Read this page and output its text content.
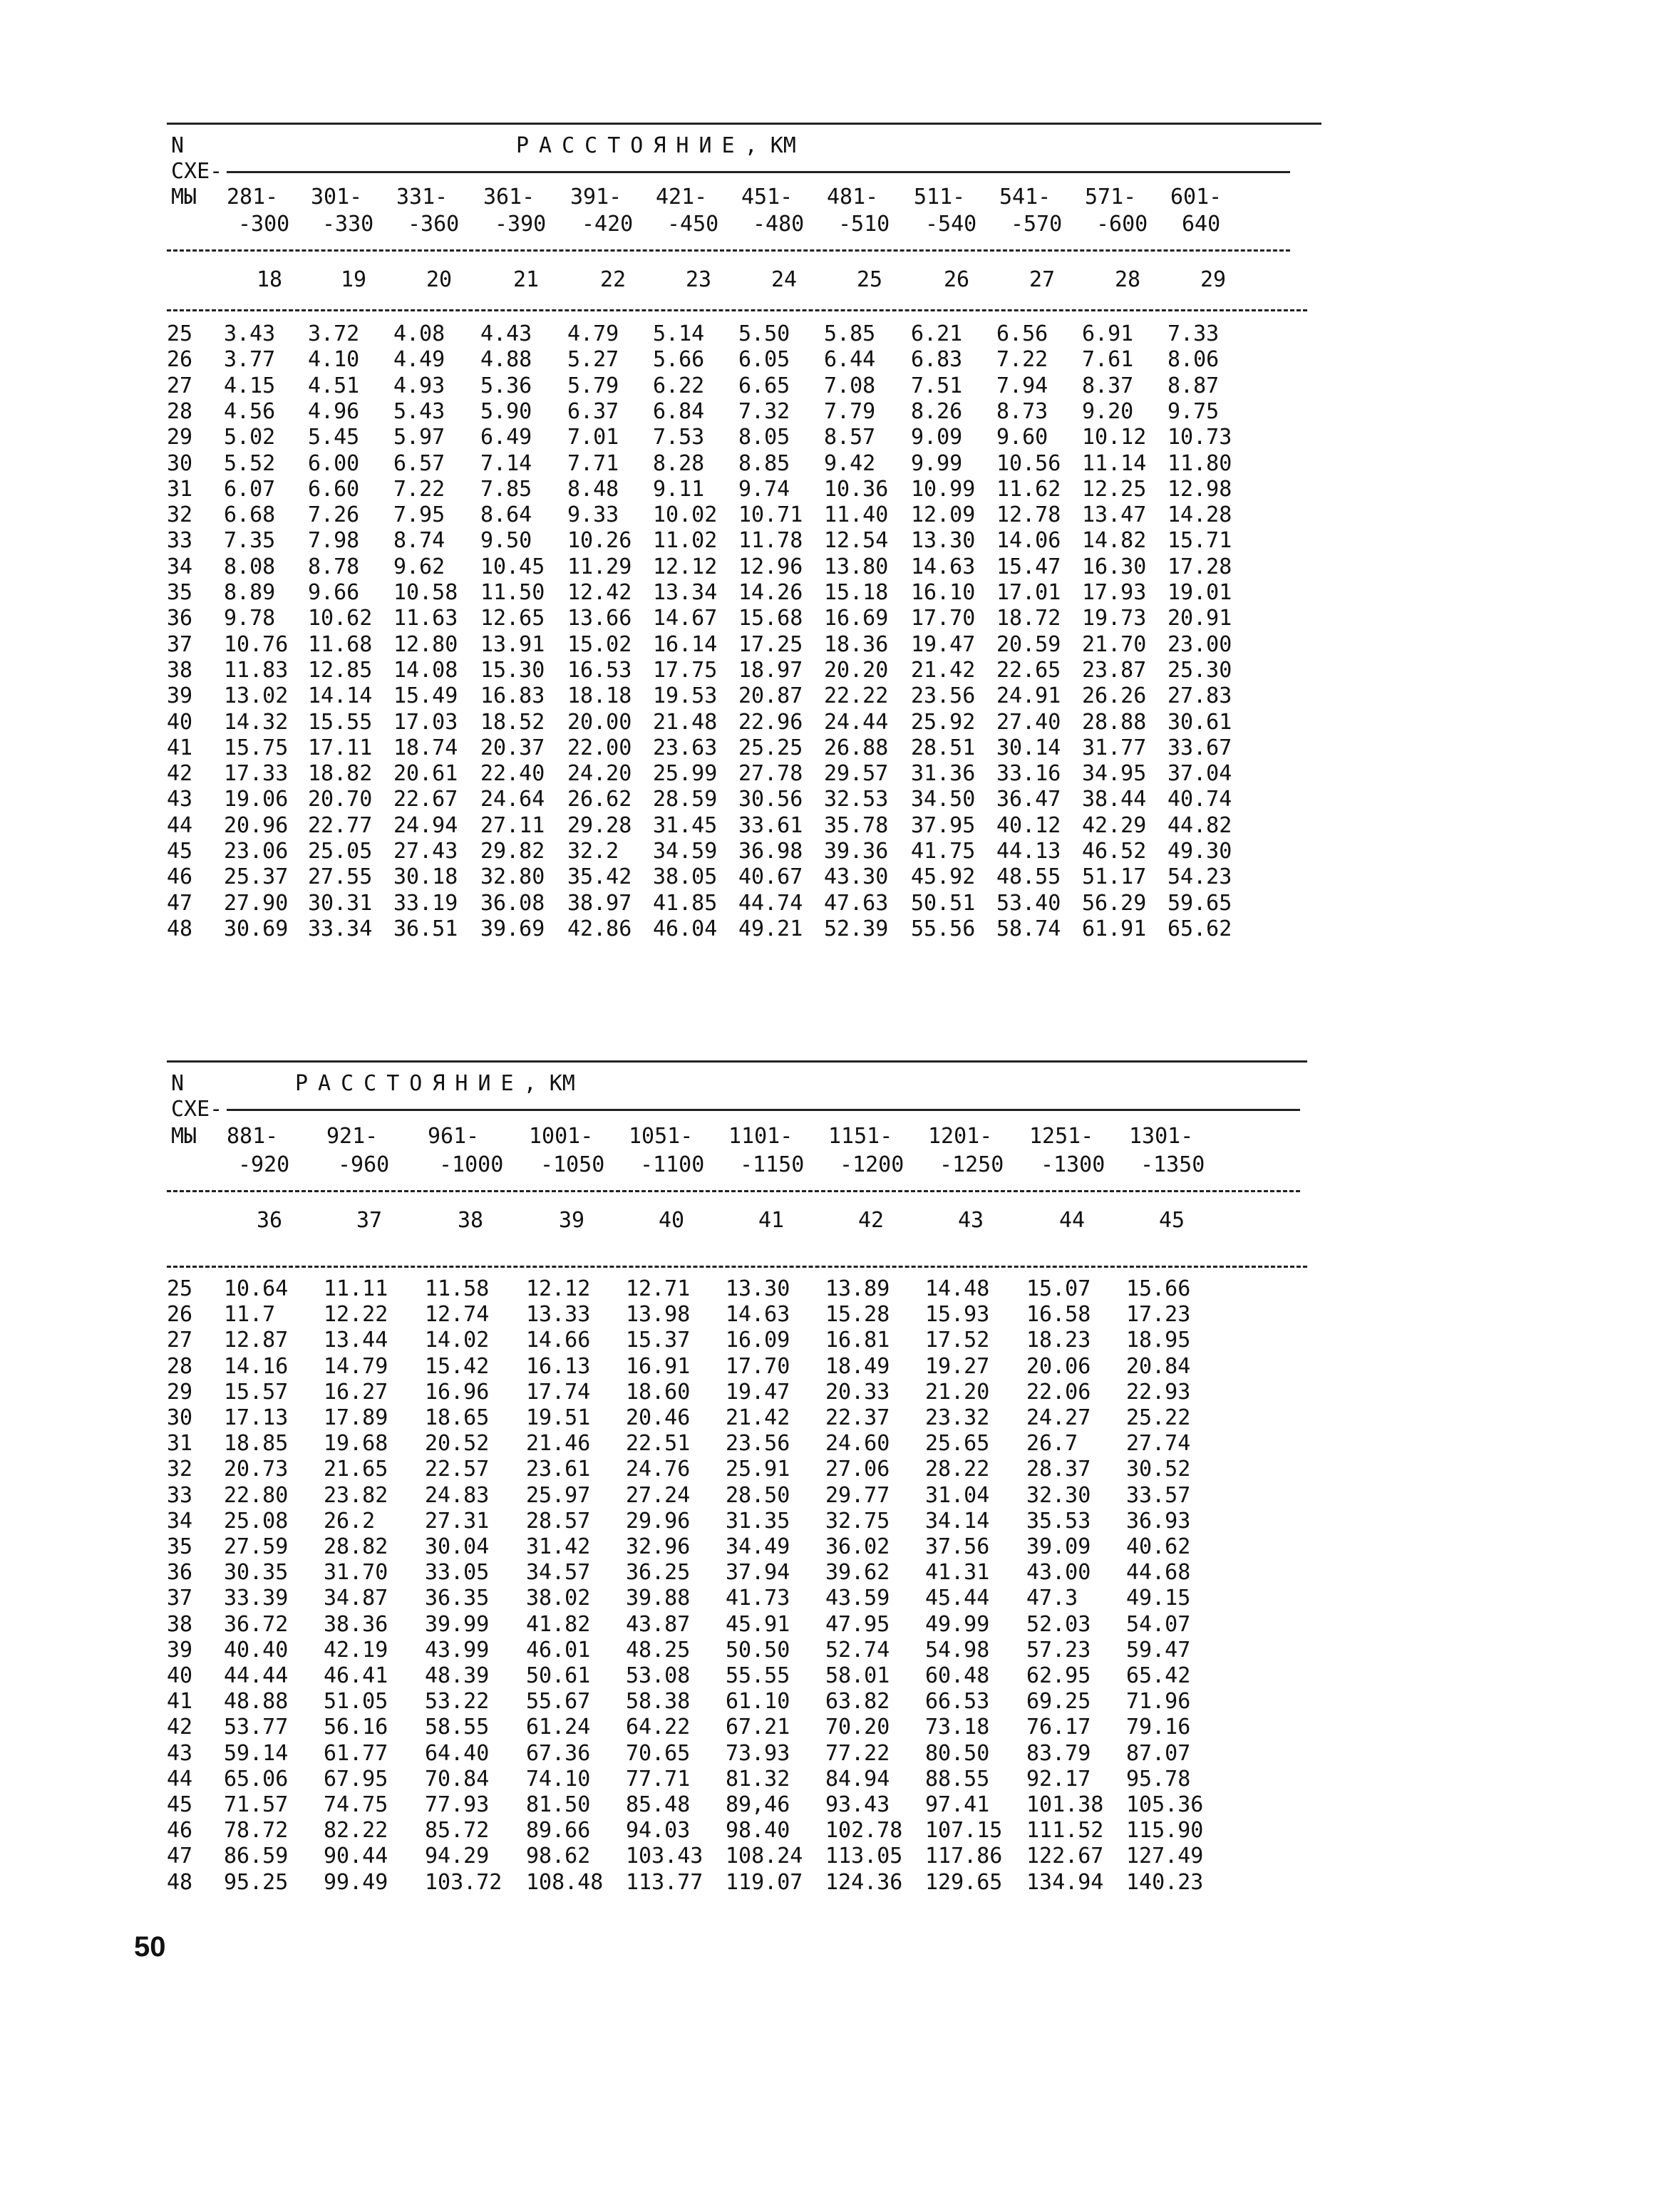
N	РАССТОЯНИЕ, КМ
СХЕ-
МЫ 281-
-300
301-
-330
331-
-360
361-
-390
391-
-420
421-
-450
451-
-480
481-
-510
511-
-540
541-
-570
571-
-600
601-
640
18	19	20	21	22	23	24	25	26	27	28	29
25 3.43 3.72 4.08 4.43 4.79 5.14 5.50 5.85 6.21 6.56 6.91 7.33
26 3.77 4.10 4.49 4.88 5.27 5.66 6.05 6.44 6.83 7.22 7.61 8.06
27 4.15 4.51 4.93 5.36 5.79 6.22 6.65 7.08 7.51 7.94 8.37 8.87
28 4.56 4.96 5.43 5.90 6.37 6.84 7.32 7.79 8.26 8.73 9.20 9.75
29 5.02 5.45 5.97 6.49 7.01 7.53 8.05 8.57 9.09 9.60 10.12 10.73
30 5.52 6.00 6.57 7.14 7.71 8.28 8.85 9.42 9.99 10.56 11.14 11.80
31 6.07 6.60 7.22 7.85 8.48 9.11 9.74 10.36 10.99 11.62 12.25 12.98
32 6.68 7.26 7.95 8.64 9.33 10.02 10.71 11.40 12.09 12.78 13.47 14.28
33 7.35 7.98 8.74 9.50 10.26 11.02 11.78 12.54 13.30 14.06 14.82 15.71
34 8.08 8.78 9.62 10.45 11.29 12.12 12.96 13.80 14.63 15.47 16.30 17.28
35 8.89 9.66 10.58 11.50 12.42 13.34 14.26 15.18 16.10 17.01 17.93 19.01
36 9.78 10.62 11.63 12.65 13.66 14.67 15.68 16.69 17.70 18.72 19.73 20.91
37 10.76 11.68 12.80 13.91 15.02 16.14 17.25 18.36 19.47 20.59 21.70 23.00
38 11.83 12.85 14.08 15.30 16.53 17.75 18.97 20.20 21.42 22.65 23.87 25.30
39 13.02 14.14 15.49 16.83 18.18 19.53 20.87 22.22 23.56 24.91 26.26 27.83
40 14.32 15.55 17.03 18.52 20.00 21.48 22.96 24.44 25.92 27.40 28.88 30.61
41 15.75 17.11 18.74 20.37 22.00 23.63 25.25 26.88 28.51 30.14 31.77 33.67
42 17.33 18.82 20.61 22.40 24.20 25.99 27.78 29.57 31.36 33.16 34.95 37.04
43 19.06 20.70 22.67 24.64 26.62 28.59 30.56 32.53 34.50 36.47 38.44 40.74
44 20.96 22.77 24.94 27.11 29.28 31.45 33.61 35.78 37.95 40.12 42.29 44.82
45 23.06 25.05 27.43 29.82 32.2 34.59 36.98 39.36 41.75 44.13 46.52 49.30
46 25.37 27.55 30.18 32.80 35.42 38.05 40.67 43.30 45.92 48.55 51.17 54.23
47 27.90 30.31 33.19 36.08 38.97 41.85 44.74 47.63 50.51 53.40 56.29 59.65
48 30.69 33.34 36.51 39.69 42.86 46.04 49.21 52.39 55.56 58.74 61.91 65.62
N	РАССТОЯНИЕ, КМ
СХЕ-
МЫ 881-
-920
921-
-960
961-
-1000
1001-
-1050
1051-
-1100
1101-
-1150
1151-
-1200
1201-
-1250
1251-
-1300
1301-
-1350
36	37	38	39	40	41	42	43	44	45
25 10.64 11.11 11.58 12.12 12.71 13.30 13.89 14.48 15.07 15.66
26 11.7 12.22 12.74 13.33 13.98 14.63 15.28 15.93 16.58 17.23
27 12.87 13.44 14.02 14.66 15.37 16.09 16.81 17.52 18.23 18.95
28 14.16 14.79 15.42 16.13 16.91 17.70 18.49 19.27 20.06 20.84
29 15.57 16.27 16.96 17.74 18.60 19.47 20.33 21.20 22.06 22.93
30 17.13 17.89 18.65 19.51 20.46 21.42 22.37 23.32 24.27 25.22
31 18.85 19.68 20.52 21.46 22.51 23.56 24.60 25.65 26.7 27.74
32 20.73 21.65 22.57 23.61 24.76 25.91 27.06 28.22 28.37 30.52
33 22.80 23.82 24.83 25.97 27.24 28.50 29.77 31.04 32.30 33.57
34 25.08 26.2 27.31 28.57 29.96 31.35 32.75 34.14 35.53 36.93
35 27.59 28.82 30.04 31.42 32.96 34.49 36.02 37.56 39.09 40.62
36 30.35 31.70 33.05 34.57 36.25 37.94 39.62 41.31 43.00 44.68
37 33.39 34.87 36.35 38.02 39.88 41.73 43.59 45.44 47.3 49.15
38 36.72 38.36 39.99 41.82 43.87 45.91 47.95 49.99 52.03 54.07
39 40.40 42.19 43.99 46.01 48.25 50.50 52.74 54.98 57.23 59.47
40 44.44 46.41 48.39 50.61 53.08 55.55 58.01 60.48 62.95 65.42
41 48.88 51.05 53.22 55.67 58.38 61.10 63.82 66.53 69.25 71.96
42 53.77 56.16 58.55 61.24 64.22 67.21 70.20 73.18 76.17 79.16
43 59.14 61.77 64.40 67.36 70.65 73.93 77.22 80.50 83.79 87.07
44 65.06 67.95 70.84 74.10 77.71 81.32 84.94 88.55 92.17 95.78
45 71.57 74.75 77.93 81.50 85.48 89,46 93.43 97.41 101.38 105.36
46 78.72 82.22 85.72 89.66 94.03 98.40 102.78 107.15 111.52 115.90
47 86.59 90.44 94.29 98.62 103.43 108.24 113.05 117.86 122.67 127.49
48 95.25 99.49 103.72 108.48 113.77 119.07 124.36 129.65 134.94 140.23
50
